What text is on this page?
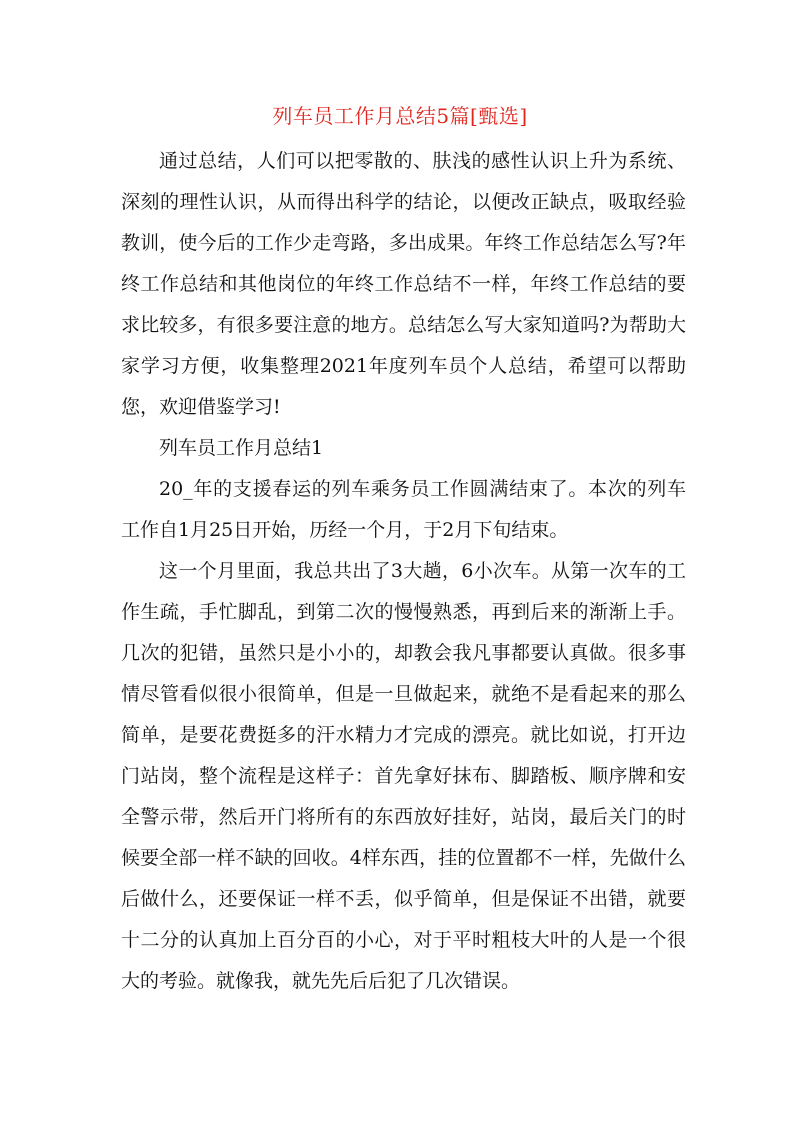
列车员工作月总结5篇[甄选]

通过总结，人们可以把零散的、肤浅的感性认识上升为系统、深刻的理性认识，从而得出科学的结论，以便改正缺点，吸取经验教训，使今后的工作少走弯路，多出成果。年终工作总结怎么写?年终工作总结和其他岗位的年终工作总结不一样，年终工作总结的要求比较多，有很多要注意的地方。总结怎么写大家知道吗?为帮助大家学习方便，收集整理2021年度列车员个人总结，希望可以帮助您，欢迎借鉴学习!

列车员工作月总结1

20_年的支援春运的列车乘务员工作圆满结束了。本次的列车工作自1月25日开始，历经一个月，于2月下旬结束。

这一个月里面，我总共出了3大趟，6小次车。从第一次车的工作生疏，手忙脚乱，到第二次的慢慢熟悉，再到后来的渐渐上手。几次的犯错，虽然只是小小的，却教会我凡事都要认真做。很多事情尽管看似很小很简单，但是一旦做起来，就绝不是看起来的那么简单，是要花费挺多的汗水精力才完成的漂亮。就比如说，打开边门站岗，整个流程是这样子：首先拿好抹布、脚踏板、顺序牌和安全警示带，然后开门将所有的东西放好挂好，站岗，最后关门的时候要全部一样不缺的回收。4样东西，挂的位置都不一样，先做什么后做什么，还要保证一样不丢，似乎简单，但是保证不出错，就要十二分的认真加上百分百的小心，对于平时粗枝大叶的人是一个很大的考验。就像我，就先先后后犯了几次错误。
